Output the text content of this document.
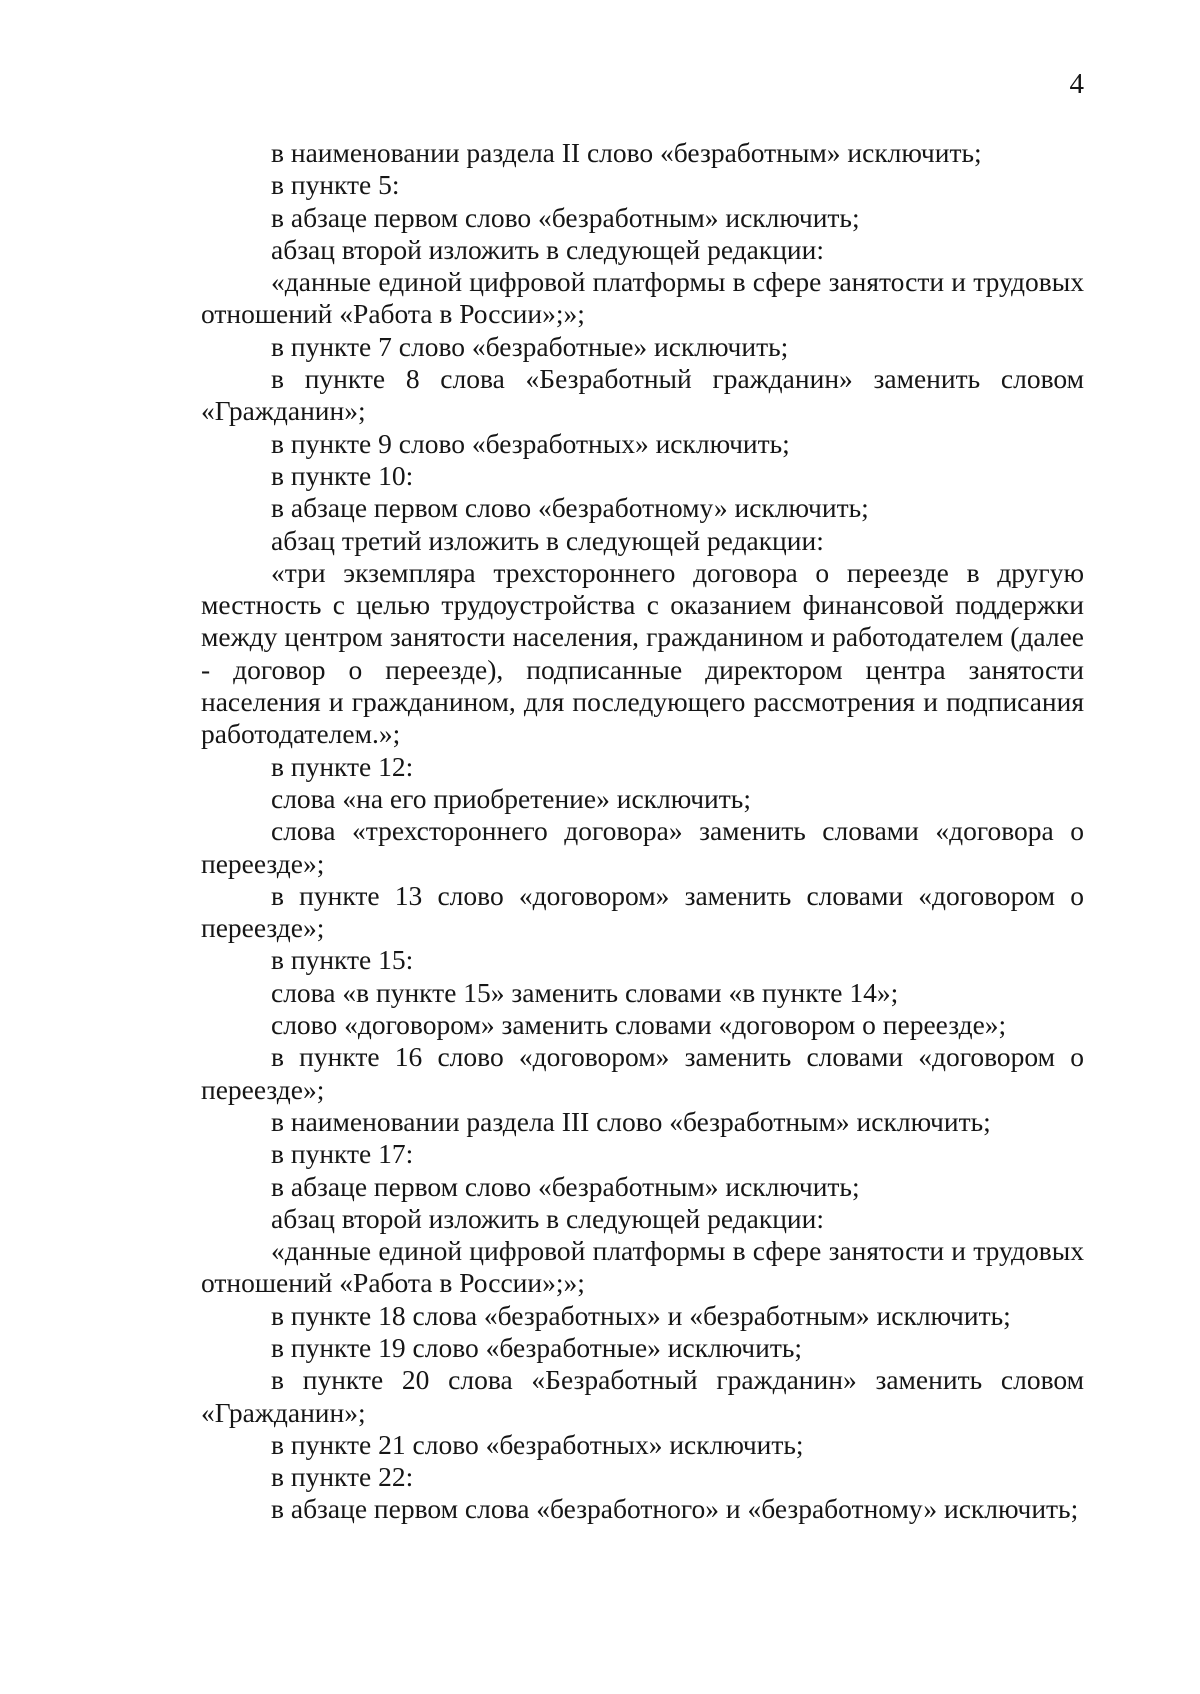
4

в наименовании раздела II слово «безработным» исключить;

в пункте 5:

в абзаце первом слово «безработным» исключить;

абзац второй изложить в следующей редакции:

«данные единой цифровой платформы в сфере занятости и трудовых отношений «Работа в России»;»;

в пункте 7 слово «безработные» исключить;

в пункте 8 слова «Безработный гражданин» заменить словом «Гражданин»;

в пункте 9 слово «безработных» исключить;

в пункте 10:

в абзаце первом слово «безработному» исключить;

абзац третий изложить в следующей редакции:

«три экземпляра трехстороннего договора о переезде в другую местность с целью трудоустройства с оказанием финансовой поддержки между центром занятости населения, гражданином и работодателем (далее - договор о переезде), подписанные директором центра занятости населения и гражданином, для последующего рассмотрения и подписания работодателем.»;

в пункте 12:

слова «на его приобретение» исключить;

слова «трехстороннего договора» заменить словами «договора о переезде»;

в пункте 13 слово «договором» заменить словами «договором о переезде»;

в пункте 15:

слова «в пункте 15» заменить словами «в пункте 14»;

слово «договором» заменить словами «договором о переезде»;

в пункте 16 слово «договором» заменить словами «договором о переезде»;

в наименовании раздела III слово «безработным» исключить;

в пункте 17:

в абзаце первом слово «безработным» исключить;

абзац второй изложить в следующей редакции:

«данные единой цифровой платформы в сфере занятости и трудовых отношений «Работа в России»;»;

в пункте 18 слова «безработных» и «безработным» исключить;

в пункте 19 слово «безработные» исключить;

в пункте 20 слова «Безработный гражданин» заменить словом «Гражданин»;

в пункте 21 слово «безработных» исключить;

в пункте 22:

в абзаце первом слова «безработного» и «безработному» исключить;
